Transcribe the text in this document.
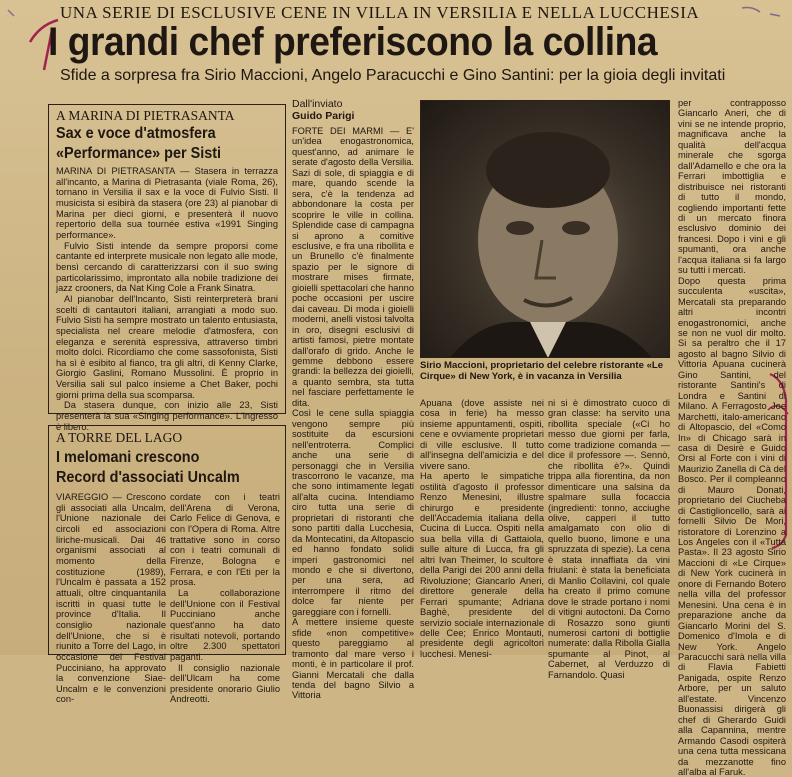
UNA SERIE DI ESCLUSIVE CENE IN VILLA IN VERSILIA E NELLA LUCCHESIA
I grandi chef preferiscono la collina
Sfide a sorpresa fra Sirio Maccioni, Angelo Paracucchi e Gino Santini: per la gioia degli invitati
A MARINA DI PIETRASANTA
Sax e voce d'atmosfera
«Performance» per Sisti

MARINA DI PIETRASANTA — Stasera in terrazza all'incanto, a Marina di Pietrasanta (viale Roma, 26), tornano in Versilia il sax e la voce di Fulvio Sisti. Il musicista si esibirà da stasera (ore 23) al pianobar di Marina per dieci giorni, e presenterà il nuovo repertorio della sua tournée estiva «1991 Singing performance».

Fulvio Sisti intende da sempre proporsi come cantante ed interprete musicale non legato alle mode, bensì cercando di caratterizzarsi con il suo swing particolarissimo, improntato alla nobile tradizione dei jazz crooners, da Nat King Cole a Frank Sinatra.

Al pianobar dell'Incanto, Sisti reinterpreterà brani scelti di cantautori italiani, arrangiati a modo suo. Fulvio Sisti ha sempre mostrato un talento entusiasta, specialista nel creare melodie d'atmosfera, con eleganza e serenità espressiva, attraverso timbri molto dolci. Ricordiamo che come sassofonista, Sisti ha sì è esibito al fianco, tra gli altri, di Kenny Clarke, Giorgio Gaslini, Romano Mussolini. È proprio in Versilia sali sul palco insieme a Chet Baker, pochi giorni prima della sua scomparsa.

Da stasera dunque, con inizio alle 23, Sisti presenterà la sua «Singing performance». L'ingresso è libero.

A TORRE DEL LAGO
I melomani crescono
Record d'associati Uncalm

VIAREGGIO — Crescono gli associati alla Uncalm, l'Unione nazionale dei circoli ed associazioni liriche-musicali. Dai 46 organismi associati al momento della costituzione (1989), l'Uncalm è passata a 152 attuali, oltre cinquantanila iscritti in quasi tutte le province d'Italia. Il consiglio nazionale dell'Unione, che si è riunito a Torre del Lago, in occasione del Festival Pucciniano, ha approvato la convenzione Siae-Uncalm e le convenzioni con-

cordate con i teatri dell'Arena di Verona, Carlo Felice di Genova, e con l'Opera di Roma. Altre trattative sono in corso con i teatri comunali di Firenze, Bologna e Ferrara, e con l'Eti per la prosa.

La collaborazione dell'Unione con il Festival Pucciniano anche quest'anno ha dato risultati notevoli, portando oltre 2.300 spettatori paganti.

Il consiglio nazionale dell'Ulcam ha come presidente onorario Giulio Andreotti.

Dall'inviato
Guido Parigi

FORTE DEI MARMI — E' un'idea enogastronomica, quest'anno, ad animare le serate d'agosto della Versilia. Sazi di sole, di spiaggia e di mare, quando scende la sera, c'è la tendenza ad abbondonare la costa per scoprire le ville in collina. Splendide case di campagna si aprono a comitive esclusive, e fra una ribollita e un Brunello c'è finalmente spazio per le signore di mostrare mises firmate, gioielli spettacolari che hanno poche occasioni per uscire dai caveau. Di moda i gioielli moderni, anelli vistosi talvolta in oro, disegni esclusivi di artisti famosi, pietre montate dall'orafo di grido. Anche le gemme debbono essere grandi: la bellezza dei gioielli, a quanto sembra, sta tutta nel fasciare perfettamente le dita.

Così le cene sulla spiaggia vengono sempre più sostituite da escursioni nell'entroterra. Complici anche una serie di personaggi che in Versilia trascorrono le vacanze, ma che sono intimamente legati all'alta cucina. Intendiamo ciro tutta una serie di proprietari di ristoranti che sono partiti dalla Lucchesia, da Montecatini, da Altopascio ed hanno fondato solidi imperi gastronomici nel mondo e che si divertono, per una sera, ad interrompere il ritmo del dolce far niente per gareggiare con i fornelli.

A mettere insieme queste sfide «non competitive» questo pareggiamo al tramonto dal mare verso i monti, è in particolare il prof. Gianni Mercatali che dalla tenda del bagno Silvio a Vittoria

Sirio Maccioni, proprietario del celebre ristorante «Le Cirque» di New York, è in vacanza in Versilia

Apuana (dove assiste nei cosa in ferie) ha messo insieme appuntamenti, ospiti, cene e ovviamente proprietari di ville esclusive. Il tutto all'insegna dell'amicizia e del vivere sano.

Ha aperto le simpatiche ostilità d'agosto il professor Renzo Menesini, illustre chirurgo e presidente dell'Accademia italiana della Cucina di Lucca. Ospiti nella sua bella villa di Gattaiola, sulle alture di Lucca, fra gli altri Ivan Theimer, lo scultore della Parigi dei 200 anni della Rivoluzione; Giancarlo Aneri, direttore generale della Ferrari spumante; Adriana Baghè, presidente del servizio sociale internazionale delle Cee; Enrico Montauti, presidente degli agricoltori lucchesi. Menesi-

ni si è dimostrato cuoco di gran classe: ha servito una ribollita speciale («Ci ho messo due giorni per farla, come tradizione comanda — dice il professore —. Sennò, che ribollita è?». Quindi trippa alla fiorentina, da non dimenticare una salsina da spalmare sulla focaccia (ingredienti: tonno, acciughe olive, capperi il tutto amalgamato con olio di quello buono, limone e una spruzzata di spezie). La cena è stata innaffiata da vini friulani: è stata la beneficiata di Manlio Collavini, col quale ha creato il primo comune dove le strade portano i nomi di vitigni autoctoni. Da Corno di Rosazzo sono giunti numerosi cartoni di bottiglie numerate: dalla Ribolla Gialla spumante al Pinot, al Cabernet, al Verduzzo di Farnandolo. Quasi

per contrapposso Giancarlo Aneri, che di vini se ne intende proprio, magnificava anche la qualità dell'acqua minerale che sgorga dall'Adamello e che ora la Ferrari imbottiglia e distribuisce nei ristoranti di tutto il mondo, cogliendo importanti fette di un mercato finora esclusivo dominio dei francesi. Dopo i vini e gli spumanti, ora anche l'acqua italiana si fa largo su tutti i mercati.

Dopo questa prima succulenta «uscita», Mercatali sta preparando altri incontri enogastronomici, anche se non ne vuol dir molto. Si sa peraltro che il 17 agosto al bagno Silvio di Vittoria Apuana cucinerà Gino Santini, del ristorante Santini's di Londra e Santini di Milano. A Ferragosto Joe Marchetti, italo-americano di Altopascio, del «Como In» di Chicago sarà in casa di Desirè e Guido Orsi al Forte con i vini di Maurizio Zanella di Cà del Bosco. Per il compleanno di Mauro Donati, proprietario del Ciucheba di Castiglioncello, sarà ai fornelli Silvio De Mori, ristoratore di Lorenzino a Los Angeles con il «Tutta Pasta». Il 23 agosto Sirio Maccioni di «Le Cirque» di New York cucinerà in onore di Fernando Botero nella villa del professor Menesini. Una cena è in preparazione anche da Giancarlo Morini del S. Domenico d'Imola e di New York. Angelo Paracucchi sarà nella villa di Flavia Fabietti Panigada, ospite Renzo Arbore, per un saluto all'estate. Vincenzo Buonassisi dirigerà gli chef di Gherardo Guidi alla Capannina, mentre Armando Casodi ospiterà una cena tutta messicana da mezzanotte fino all'alba al Faruk.
